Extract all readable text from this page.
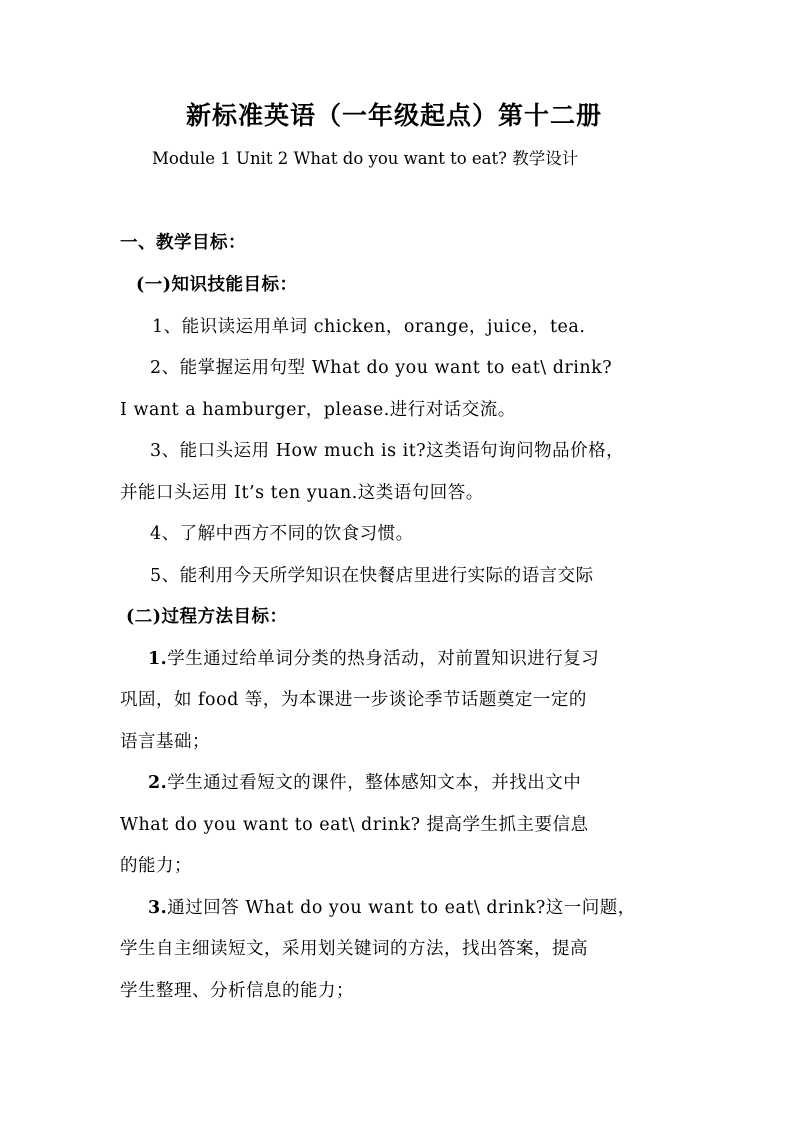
新标准英语（一年级起点）第十二册
Module 1 Unit 2 What do you want to eat? 教学设计
一、教学目标：
(一)知识技能目标：
1、能识读运用单词 chicken，orange，juice，tea.
2、能掌握运用句型 What do you want to eat\ drink?
I want a hamburger，please.进行对话交流。
3、能口头运用 How much is it?这类语句询问物品价格，
并能口头运用 It’s ten yuan.这类语句回答。
4、了解中西方不同的饮食习惯。
5、能利用今天所学知识在快餐店里进行实际的语言交际
(二)过程方法目标：
1.学生通过给单词分类的热身活动，对前置知识进行复习
巩固，如 food 等，为本课进一步谈论季节话题奠定一定的
语言基础；
2.学生通过看短文的课件，整体感知文本，并找出文中
What do you want to eat\ drink? 提高学生抓主要信息
的能力；
3.通过回答 What do you want to eat\ drink?这一问题，
学生自主细读短文，采用划关键词的方法，找出答案，提高
学生整理、分析信息的能力；
